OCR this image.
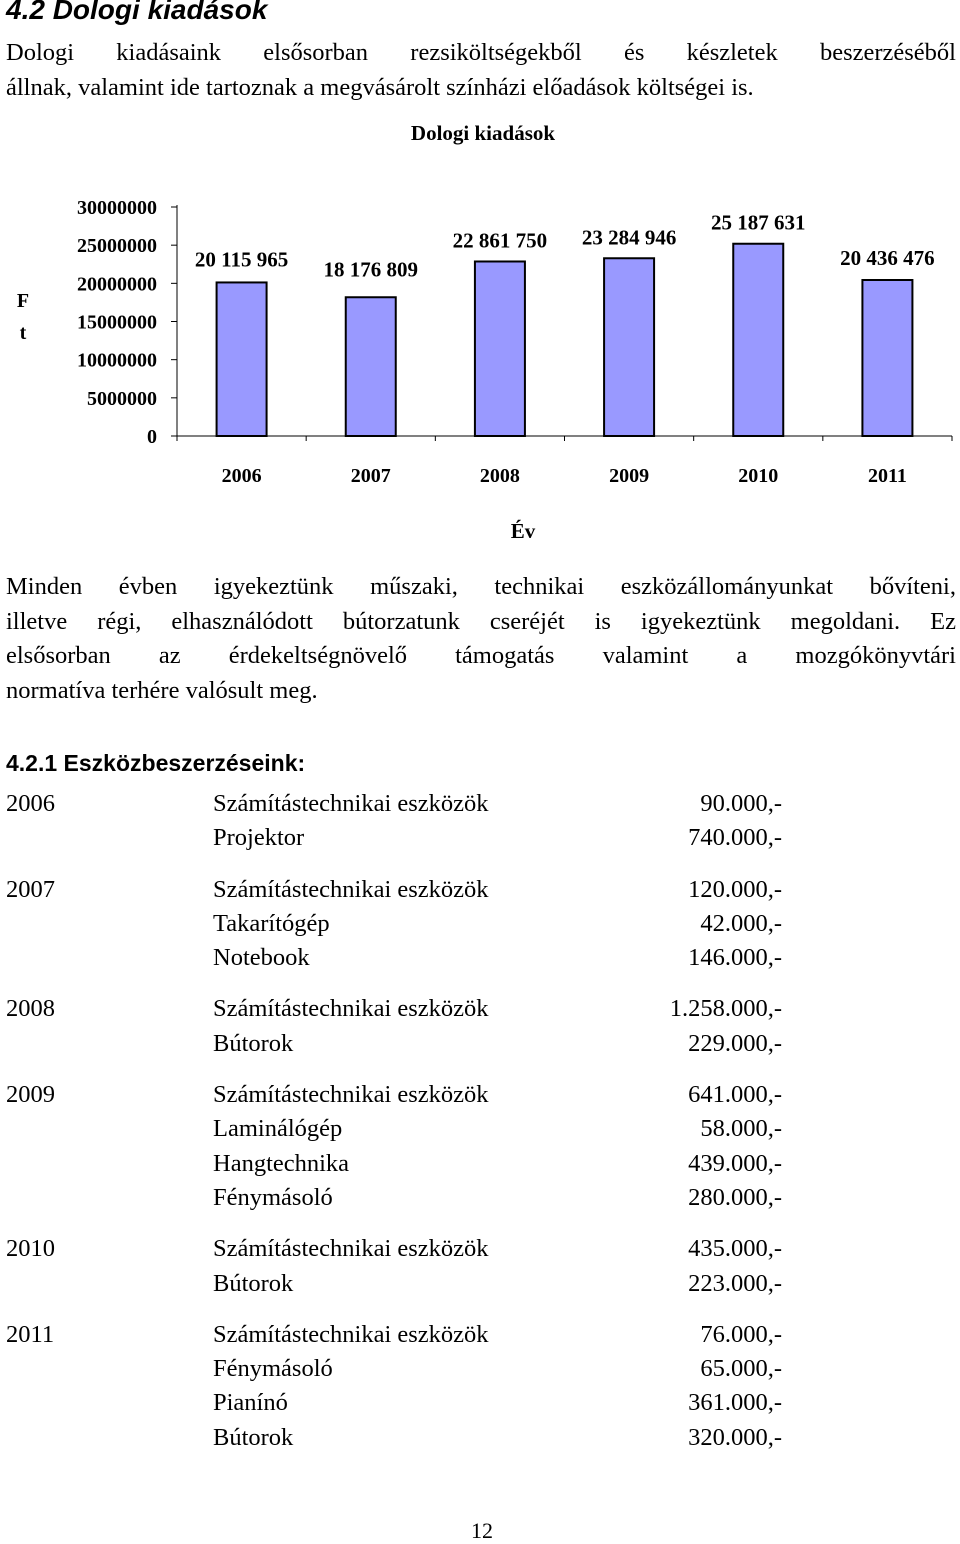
4.2 Dologi kiadások
Dologi kiadásaink elsősorban rezsiköltségekből és készletek beszerzéséből
állnak, valamint ide tartoznak a megvásárolt színházi előadások költségei is.
Dologi kiadások
0
5000000
10000000
15000000
20000000
25000000
30000000
20 115 965
2006
18 176 809
2007
22 861 750
2008
23 284 946
2009
25 187 631
2010
20 436 476
2011
Év
F
t
Minden évben igyekeztünk műszaki, technikai eszközállományunkat bővíteni,
illetve régi, elhasználódott bútorzatunk cseréjét is igyekeztünk megoldani. Ez
elsősorban az érdekeltségnövelő támogatás valamint a mozgókönyvtári
normatíva terhére valósult meg.
4.2.1 Eszközbeszerzéseink:
2006	Számítástechnikai eszközök	90.000,-
Projektor	740.000,-
2007	Számítástechnikai eszközök	120.000,-
Takarítógép	42.000,-
Notebook	146.000,-
2008	Számítástechnikai eszközök	1.258.000,-
Bútorok	229.000,-
2009	Számítástechnikai eszközök	641.000,-
Laminálógép	58.000,-
Hangtechnika	439.000,-
Fénymásoló	280.000,-
2010	Számítástechnikai eszközök	435.000,-
Bútorok	223.000,-
2011	Számítástechnikai eszközök	76.000,-
Fénymásoló	65.000,-
Pianínó	361.000,-
Bútorok	320.000,-
12
